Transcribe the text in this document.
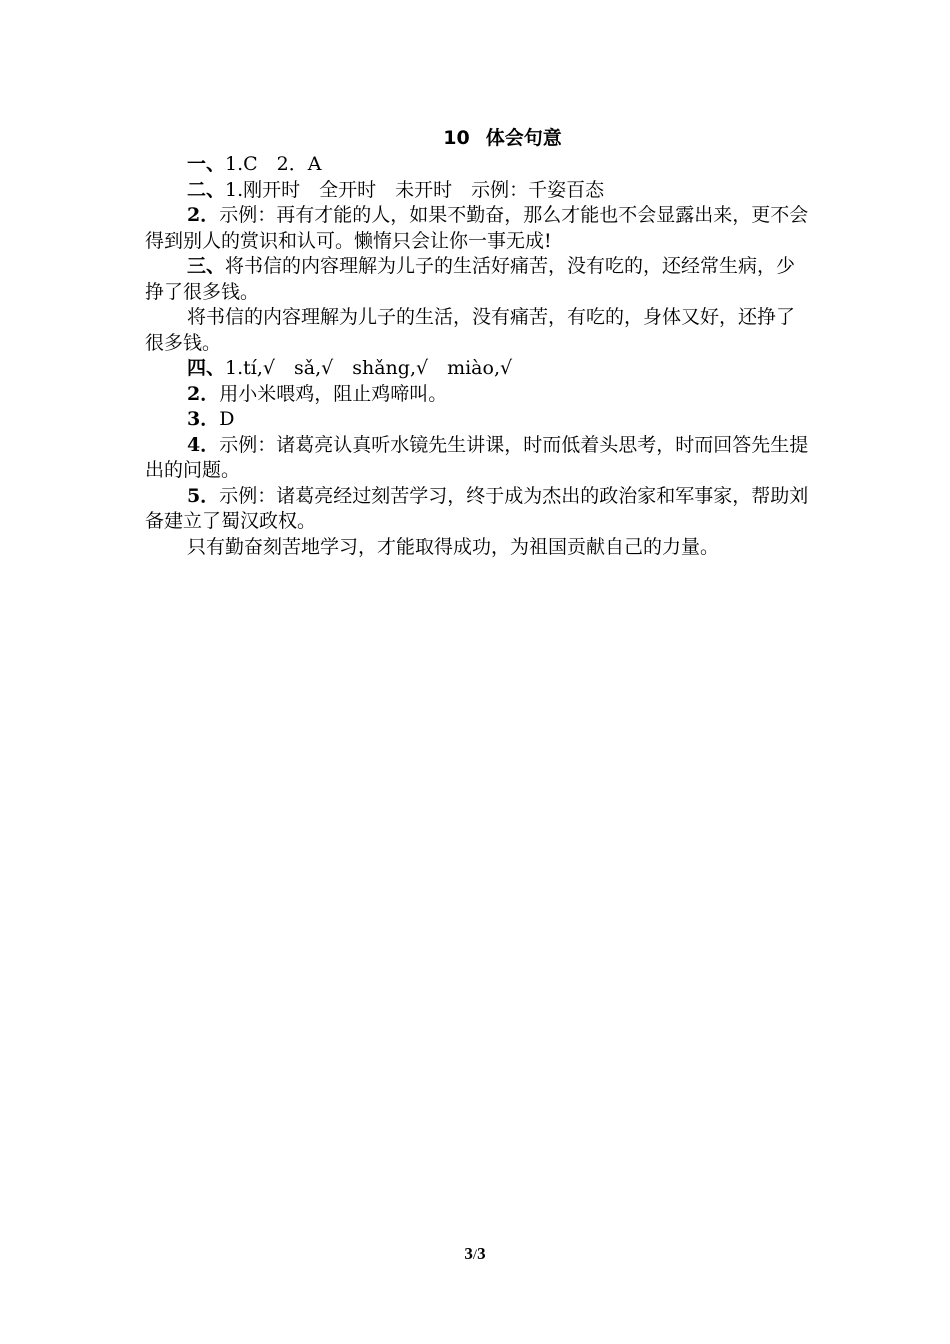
10 体会句意

一、1.C　2．A

二、1.刚开时　全开时　未开时　示例：千姿百态

2．示例：再有才能的人，如果不勤奋，那么才能也不会显露出来，更不会得到别人的赏识和认可。懒惰只会让你一事无成!

三、将书信的内容理解为儿子的生活好痛苦，没有吃的，还经常生病，少挣了很多钱。

将书信的内容理解为儿子的生活，没有痛苦，有吃的，身体又好，还挣了很多钱。

四、1.tí,√　sǎ,√　shǎng,√　miào,√

2．用小米喂鸡，阻止鸡啼叫。

3．D

4．示例：诸葛亮认真听水镜先生讲课，时而低着头思考，时而回答先生提出的问题。

5．示例：诸葛亮经过刻苦学习，终于成为杰出的政治家和军事家，帮助刘备建立了蜀汉政权。

只有勤奋刻苦地学习，才能取得成功，为祖国贡献自己的力量。

3/3
